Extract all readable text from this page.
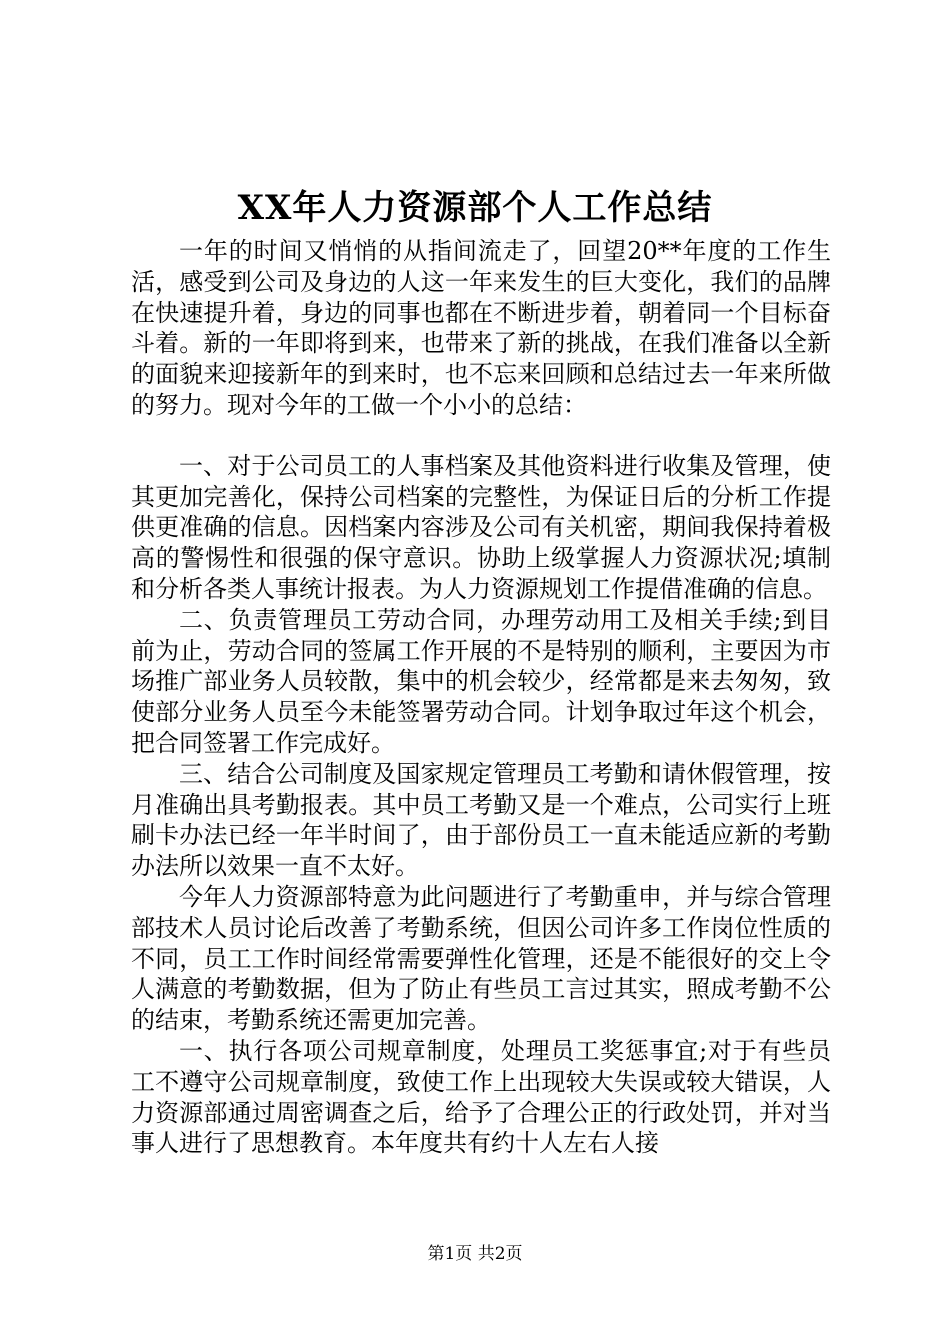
XX年人力资源部个人工作总结

一年的时间又悄悄的从指间流走了，回望20**年度的工作生活，感受到公司及身边的人这一年来发生的巨大变化，我们的品牌在快速提升着，身边的同事也都在不断进步着，朝着同一个目标奋斗着。新的一年即将到来，也带来了新的挑战，在我们准备以全新的面貌来迎接新年的到来时，也不忘来回顾和总结过去一年来所做的努力。现对今年的工做一个小小的总结：

一、对于公司员工的人事档案及其他资料进行收集及管理，使其更加完善化，保持公司档案的完整性，为保证日后的分析工作提供更准确的信息。因档案内容涉及公司有关机密，期间我保持着极高的警惕性和很强的保守意识。协助上级掌握人力资源状况;填制和分析各类人事统计报表。为人力资源规划工作提借准确的信息。

二、负责管理员工劳动合同，办理劳动用工及相关手续;到目前为止，劳动合同的签属工作开展的不是特别的顺利，主要因为市场推广部业务人员较散，集中的机会较少，经常都是来去匆匆，致使部分业务人员至今未能签署劳动合同。计划争取过年这个机会，把合同签署工作完成好。

三、结合公司制度及国家规定管理员工考勤和请休假管理，按月准确出具考勤报表。其中员工考勤又是一个难点，公司实行上班刷卡办法已经一年半时间了，由于部份员工一直未能适应新的考勤办法所以效果一直不太好。

今年人力资源部特意为此问题进行了考勤重申，并与综合管理部技术人员讨论后改善了考勤系统，但因公司许多工作岗位性质的不同，员工工作时间经常需要弹性化管理，还是不能很好的交上令人满意的考勤数据，但为了防止有些员工言过其实，照成考勤不公的结束，考勤系统还需更加完善。

一、执行各项公司规章制度，处理员工奖惩事宜;对于有些员工不遵守公司规章制度，致使工作上出现较大失误或较大错误，人力资源部通过周密调查之后，给予了合理公正的行政处罚，并对当事人进行了思想教育。本年度共有约十人左右人接

第1页 共2页
